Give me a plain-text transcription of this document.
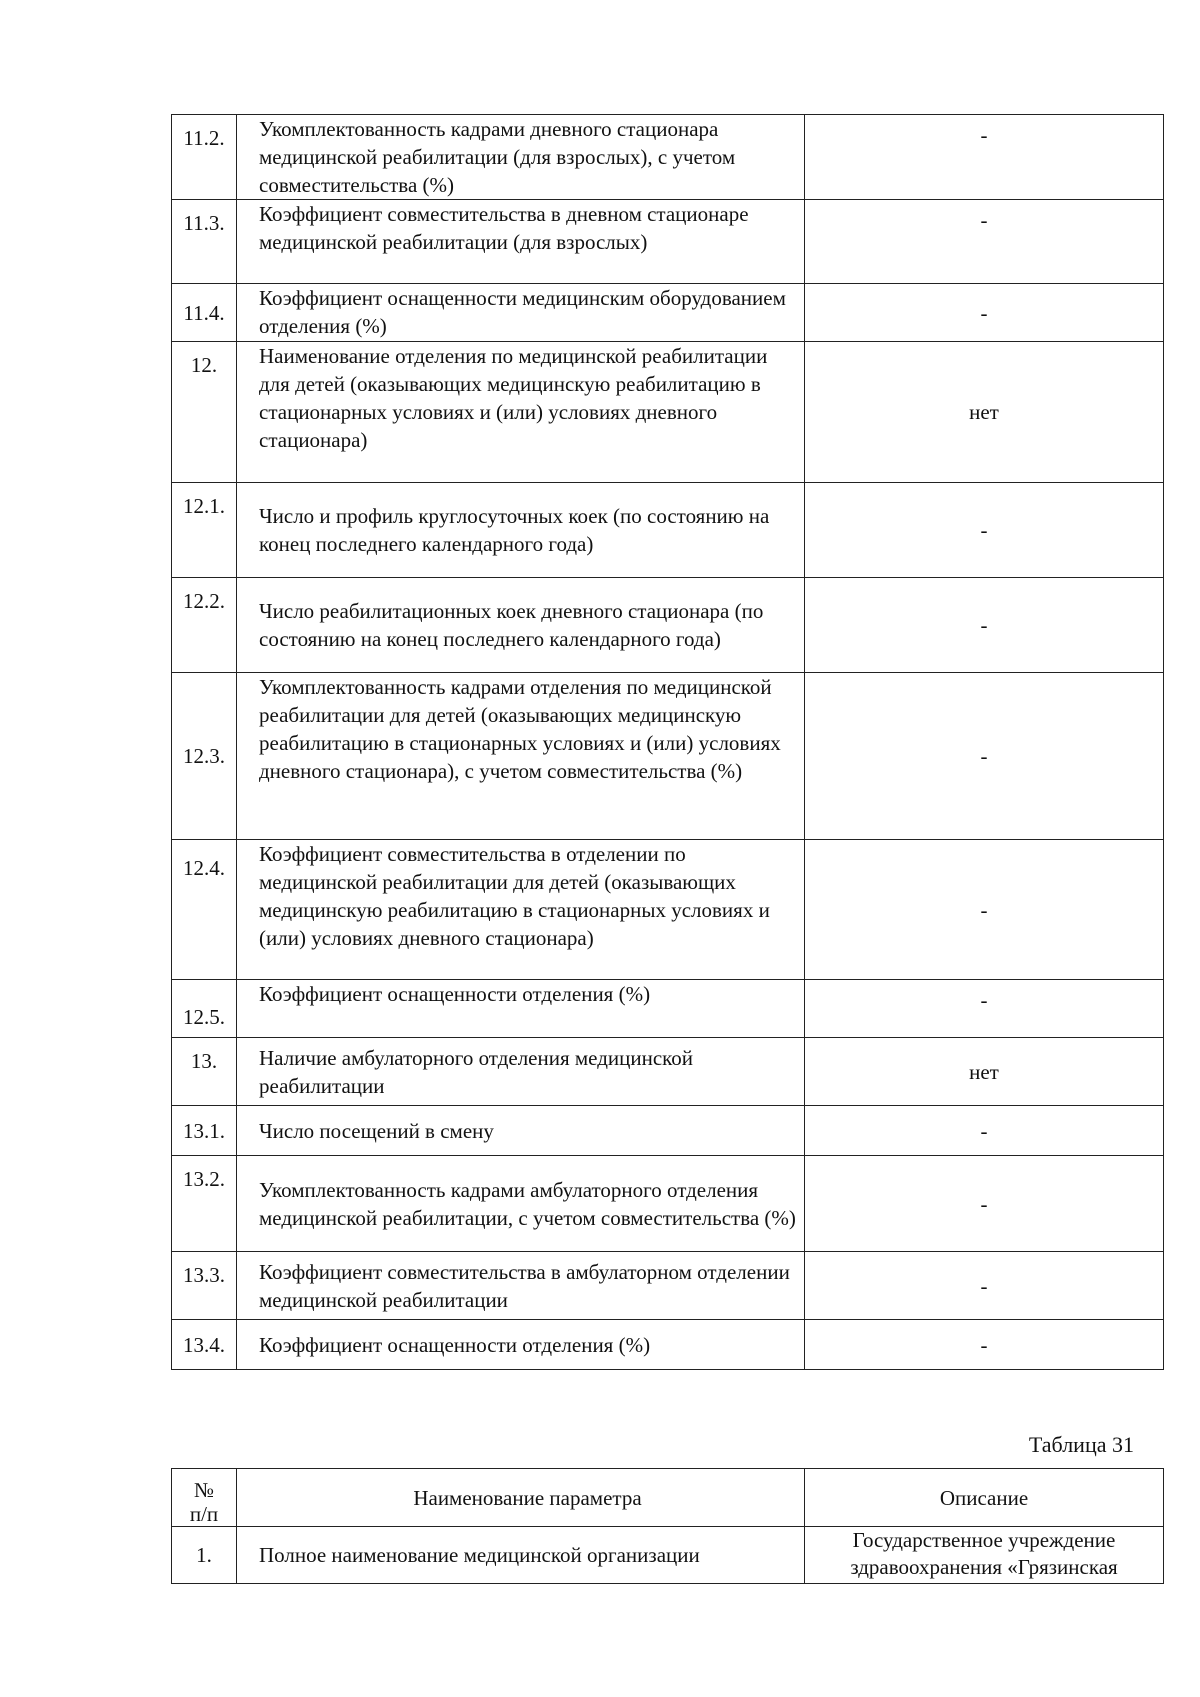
11.2.	Укомплектованность кадрами дневного стационара медицинской реабилитации (для взрослых), с учетом совместительства (%)	-
11.3.	Коэффициент совместительства в дневном стационаре медицинской реабилитации (для взрослых)	-
11.4.	Коэффициент оснащенности медицинским оборудованием отделения (%)	-
12.	Наименование отделения по медицинской реабилитации для детей (оказывающих медицинскую реабилитацию в стационарных условиях и (или) условиях дневного стационара)	нет
12.1.	Число и профиль круглосуточных коек (по состоянию на конец последнего календарного года)	-
12.2.	Число реабилитационных коек дневного стационара (по состоянию на конец последнего календарного года)	-
12.3.	Укомплектованность кадрами отделения по медицинской реабилитации для детей (оказывающих медицинскую реабилитацию в стационарных условиях и (или) условиях дневного стационара), с учетом совместительства (%)	-
12.4.	Коэффициент совместительства в отделении по медицинской реабилитации для детей (оказывающих медицинскую реабилитацию в стационарных условиях и (или) условиях дневного стационара)	-
12.5.	Коэффициент оснащенности отделения (%)	-
13.	Наличие амбулаторного отделения медицинской реабилитации	нет
13.1.	Число посещений в смену	-
13.2.	Укомплектованность кадрами амбулаторного отделения медицинской реабилитации, с учетом совместительства (%)	-
13.3.	Коэффициент совместительства в амбулаторном отделении медицинской реабилитации	-
13.4.	Коэффициент оснащенности отделения (%)	-
Таблица 31
№
п/п	Наименование параметра	Описание
1.	Полное наименование медицинской организации	Государственное учреждение
здравоохранения «Грязинская
